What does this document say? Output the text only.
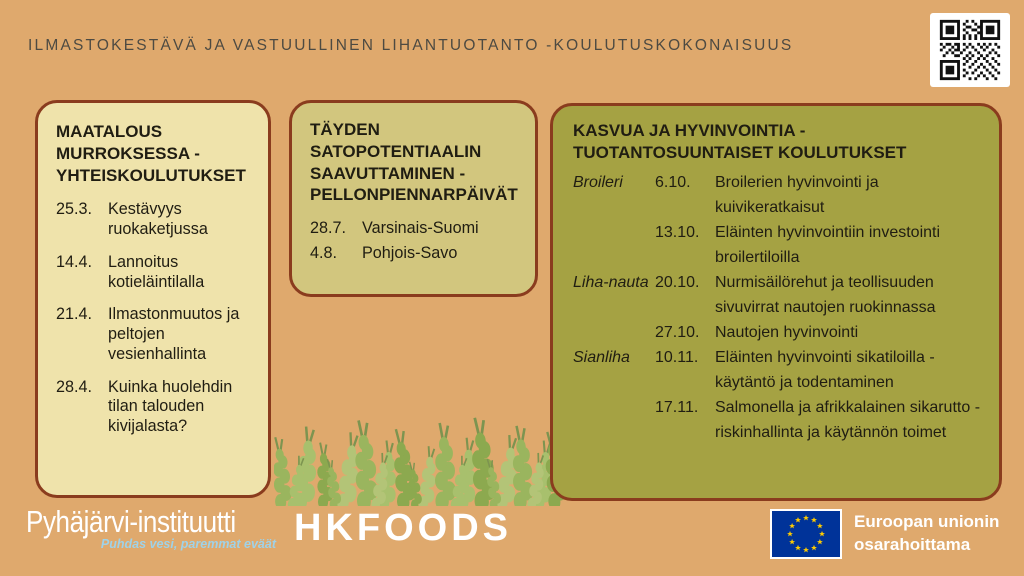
ILMASTOKESTÄVÄ JA VASTUULLINEN LIHANTUOTANTO -KOULUTUSKOKONAISUUS
MAATALOUS MURROKSESSA -YHTEISKOULUTUKSET
25.3. Kestävyys ruokaketjussa
14.4. Lannoitus kotieläintilalla
21.4. Ilmastonmuutos ja peltojen vesienhallinta
28.4. Kuinka huolehdin tilan talouden kivijalasta?
TÄYDEN SATOPOTENTIAALIN SAAVUTTAMINEN -PELLONPIENNARPÄIVÄT
28.7. Varsinais-Suomi
4.8.	Pohjois-Savo
KASVUA JA HYVINVOINTIA -TUOTANTOSUUNTAISET KOULUTUKSET
Broileri	6.10.	Broilerien hyvinvointi ja kuivikeratkaisut
13.10. Eläinten hyvinvointiin investointi broilertiloilla
Liha-nauta 20.10. Nurmisäilörehut ja teollisuuden sivuvirrat nautojen ruokinnassa
27.10. Nautojen hyvinvointi
Sianliha	10.11.	Eläinten hyvinvointi sikatiloilla - käytäntö ja todentaminen
17.11.	Salmonella ja afrikkalainen sikarutto - riskinhallinta ja käytännön toimet
Pyhäjärvi-instituutti
Puhdas vesi, paremmat eväät HKFOODS	Euroopan unionin
osarahoittama
